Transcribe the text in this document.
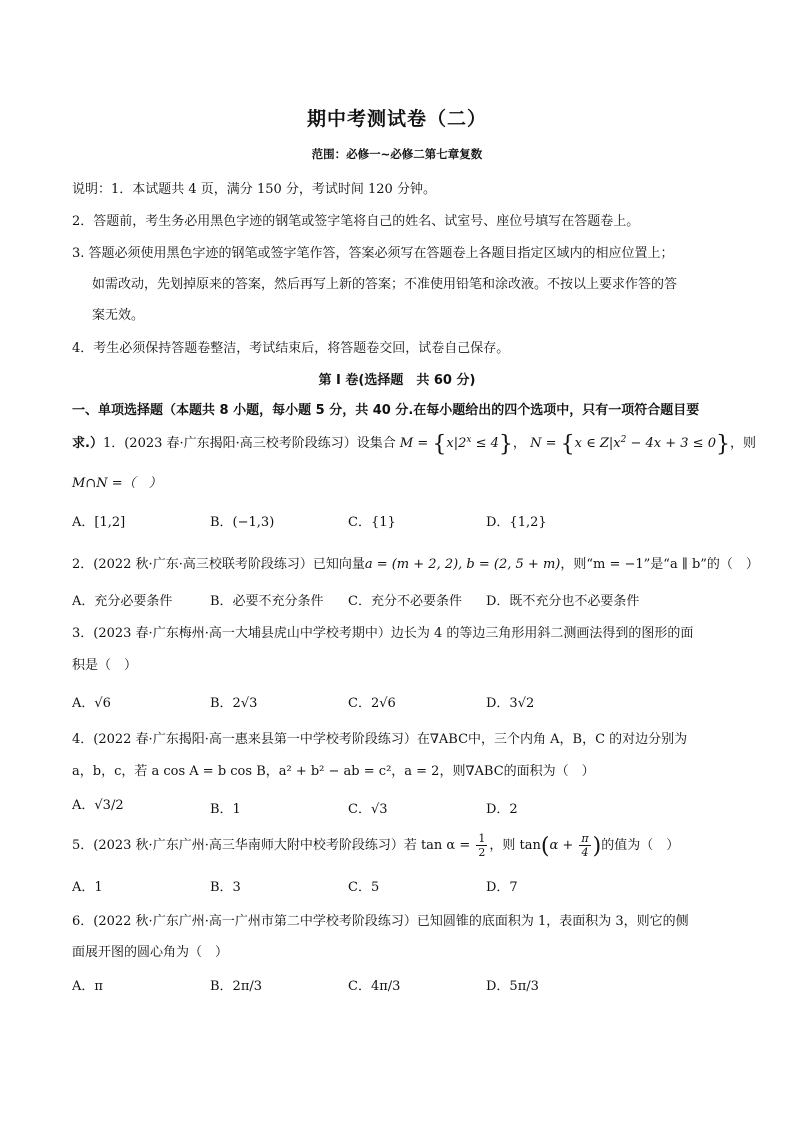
期中考测试卷（二）
范围：必修一~必修二第七章复数
说明：1．本试题共 4 页，满分 150 分，考试时间 120 分钟。
2．答题前，考生务必用黑色字迹的钢笔或签字笔将自己的姓名、试室号、座位号填写在答题卷上。
3. 答题必须使用黑色字迹的钢笔或签字笔作答，答案必须写在答题卷上各题目指定区域内的相应位置上；
如需改动，先划掉原来的答案，然后再写上新的答案；不准使用铅笔和涂改液。不按以上要求作答的答
案无效。
4．考生必须保持答题卷整洁，考试结束后，将答题卷交回，试卷自己保存。
第 I 卷(选择题　共 60 分)
一、单项选择题（本题共 8 小题，每小题 5 分，共 40 分.在每小题给出的四个选项中，只有一项符合题目要
求.）1．(2023 春·广东揭阳·高三校考阶段练习）设集合 $M = \{x|2^x \le 4\}$， N = {x ∈ $Z|x^2 - 4x + 3 \le 0$}，则
M∩N =（　）
A．[1,2]	B．(−1,3)	C．{1}	D．{1,2}
2．(2022 秋·广东·高三校联考阶段练习）已知向量a = (m + 2, 2), b = (2, 5 + m)，则“m = −1”是“a ∥ b”的（　）
A．充分必要条件	B．必要不充分条件 C．充分不必要条件 D．既不充分也不必要条件
3．(2023 春·广东梅州·高一大埔县虎山中学校考期中）边长为 4 的等边三角形用斜二测画法得到的图形的面
积是（　）
A．√6	B．2√3	C．2√6	D．3√2
4．(2022 春·广东揭阳·高一惠来县第一中学校考阶段练习）在∇ABC中，三个内角 A，B，C 的对边分别为
a，b，c，若 a cos A = b cos B，a² + b² − ab = c²，a = 2，则∇ABC的面积为（　）
A．√3/2	B．1	C．√3	D．2
5．(2023 秋·广东广州·高三华南师大附中校考阶段练习）若 $\tan \alpha = \frac{1}{2}$ ，则 $\tan(\alpha + \frac{\pi}{4}$ )的值为（　）
A．1	B．3	C．5	D．7
6．(2022 秋·广东广州·高一广州市第二中学校考阶段练习）已知圆锥的底面积为 1，表面积为 3，则它的侧
面展开图的圆心角为（　）
A．π	B．2π/3	C．4π/3	D．5π/3
